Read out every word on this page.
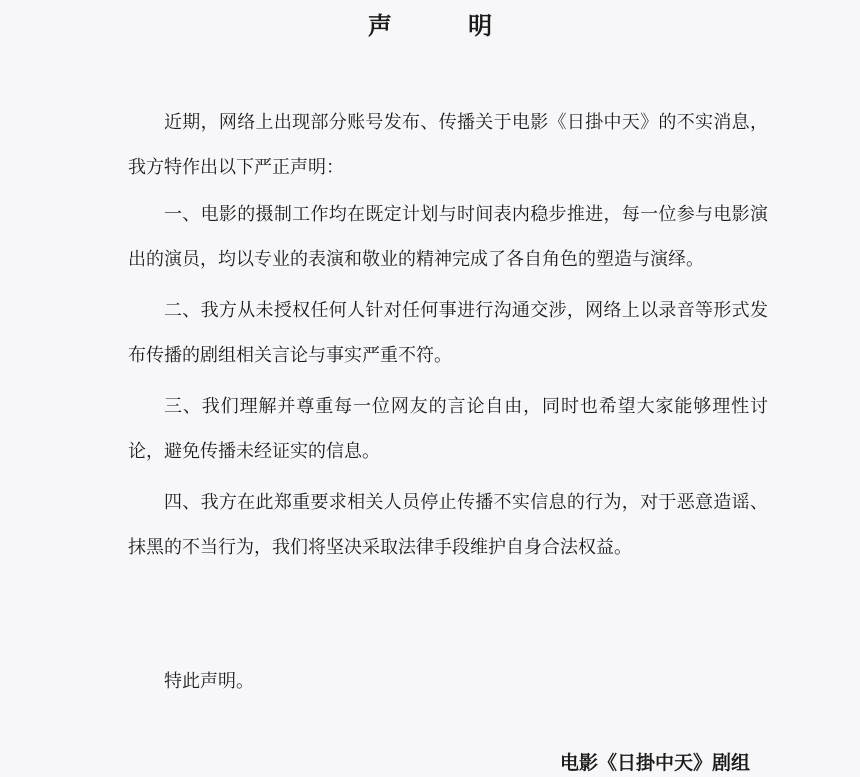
声 明

近期，网络上出现部分账号发布、传播关于电影《日掛中天》的不实消息，我方特作出以下严正声明：

一、电影的摄制工作均在既定计划与时间表内稳步推进，每一位参与电影演出的演员，均以专业的表演和敬业的精神完成了各自角色的塑造与演绎。

二、我方从未授权任何人针对任何事进行沟通交涉，网络上以录音等形式发布传播的剧组相关言论与事实严重不符。

三、我们理解并尊重每一位网友的言论自由，同时也希望大家能够理性讨论，避免传播未经证实的信息。

四、我方在此郑重要求相关人员停止传播不实信息的行为，对于恶意造谣、抹黑的不当行为，我们将坚决采取法律手段维护自身合法权益。

特此声明。
电影《日掛中天》剧组
